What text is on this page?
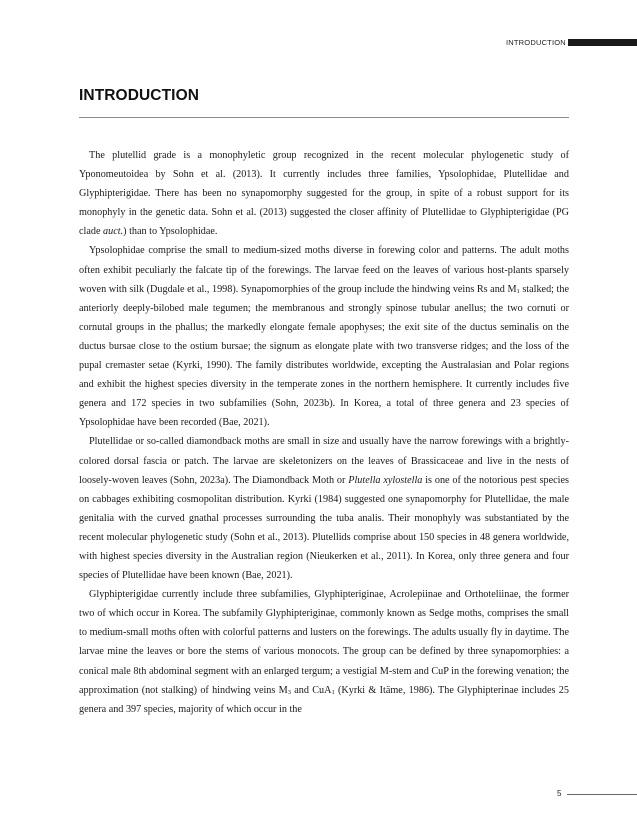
INTRODUCTION
INTRODUCTION

The plutellid grade is a monophyletic group recognized in the recent molecular phylogenetic study of Yponomeutoidea by Sohn et al. (2013). It currently includes three families, Ypsolophidae, Plutellidae and Glyphipterigidae. There has been no synapomorphy suggested for the group, in spite of a robust support for its monophyly in the genetic data. Sohn et al. (2013) suggested the closer affinity of Plutellidae to Glyphipterigidae (PG clade auct.) than to Ypsolophidae.

Ypsolophidae comprise the small to medium-sized moths diverse in forewing color and patterns. The adult moths often exhibit peculiarly the falcate tip of the forewings. The larvae feed on the leaves of various host-plants sparsely woven with silk (Dugdale et al., 1998). Synapomorphies of the group include the hindwing veins Rs and $M_1$ stalked; the anteriorly deeply-bilobed male tegumen; the membranous and strongly spinose tubular anellus; the two cornuti or cornutal groups in the phallus; the markedly elongate female apophyses; the exit site of the ductus seminalis on the ductus bursae close to the ostium bursae; the signum as elongate plate with two transverse ridges; and the loss of the pupal cremaster setae (Kyrki, 1990). The family distributes worldwide, excepting the Australasian and Polar regions and exhibit the highest species diversity in the temperate zones in the northern hemisphere. It currently includes five genera and 172 species in two subfamilies (Sohn, 2023b). In Korea, a total of three genera and 23 species of Ypsolophidae have been recorded (Bae, 2021).

Plutellidae or so-called diamondback moths are small in size and usually have the narrow forewings with a brightly-colored dorsal fascia or patch. The larvae are skeletonizers on the leaves of Brassicaceae and live in the nests of loosely-woven leaves (Sohn, 2023a). The Diamondback Moth or Plutella xylostella is one of the notorious pest species on cabbages exhibiting cosmopolitan distribution. Kyrki (1984) suggested one synapomorphy for Plutellidae, the male genitalia with the curved gnathal processes surrounding the tuba analis. Their monophyly was substantiated by the recent molecular phylogenetic study (Sohn et al., 2013). Plutellids comprise about 150 species in 48 genera worldwide, with highest species diversity in the Australian region (Nieukerken et al., 2011). In Korea, only three genera and four species of Plutellidae have been known (Bae, 2021).

Glyphipterigidae currently include three subfamilies, Glyphipteriginae, Acrolepiinae and Orthoteliinae, the former two of which occur in Korea. The subfamily Glyphipteriginae, commonly known as Sedge moths, comprises the small to medium-small moths often with colorful patterns and lusters on the forewings. The adults usually fly in daytime. The larvae mine the leaves or bore the stems of various monocots. The group can be defined by three synapomorphies: a conical male 8th abdominal segment with an enlarged tergum; a vestigial M-stem and CuP in the forewing venation; the approximation (not stalking) of hindwing veins $M_3$ and CuA$_1$ (Kyrki & Itäme, 1986). The Glyphipterinae includes 25 genera and 397 species, majority of which occur in the

5
